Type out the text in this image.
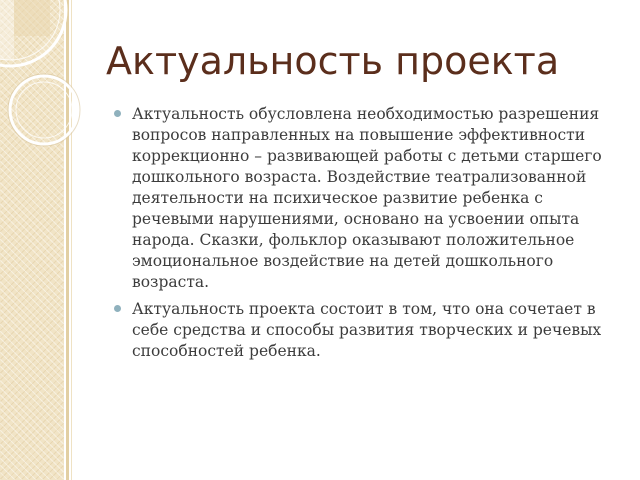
Актуальность проекта
Актуальность обусловлена необходимостью разрешения вопросов направленных на повышение эффективности коррекционно – развивающей работы с детьми старшего дошкольного возраста. Воздействие театрализованной деятельности на психическое развитие ребенка с речевыми нарушениями, основано на усвоении опыта народа. Сказки, фольклор оказывают положительное эмоциональное воздействие на детей дошкольного возраста.
Актуальность проекта состоит в том, что она сочетает в себе средства и способы развития творческих и речевых способностей ребенка.
